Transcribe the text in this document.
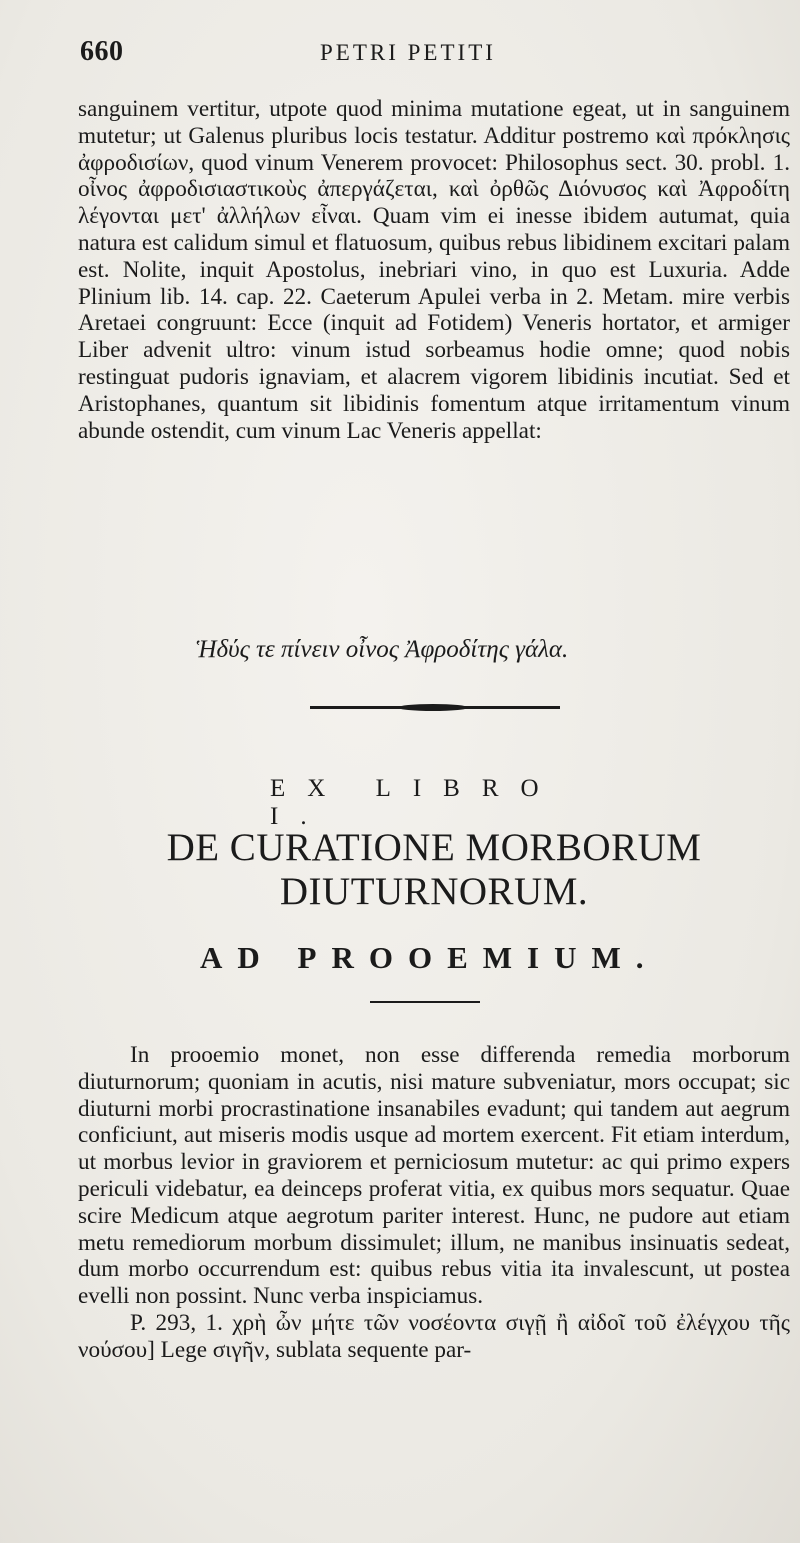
660	PETRI PETITI

sanguinem vertitur, utpote quod minima mutatione egeat, ut in sanguinem mutetur; ut Galenus pluribus locis testatur. Additur postremo καὶ πρόκλησις ἀφροδισίων, quod vinum Venerem provocet: Philosophus sect. 30. probl. 1. οἶνος ἀφροδισιαστικοὺς ἀπεργάζεται, καὶ ὀρθῶς Διόνυσος καὶ Ἀφροδίτη λέγονται μετ' ἀλλήλων εἶναι. Quam vim ei inesse ibidem autumat, quia natura est calidum simul et flatuosum, quibus rebus libidinem excitari palam est. Nolite, inquit Apostolus, inebriari vino, in quo est Luxuria. Adde Plinium lib. 14. cap. 22. Caeterum Apulei verba in 2. Metam. mire verbis Aretaei congruunt: Ecce (inquit ad Fotidem) Veneris hortator, et armiger Liber advenit ultro: vinum istud sorbeamus hodie omne; quod nobis restinguat pudoris ignaviam, et alacrem vigorem libidinis incutiat. Sed et Aristophanes, quantum sit libidinis fomentum atque irritamentum vinum abunde ostendit, cum vinum Lac Veneris appellat:

Ἡδύς τε πίνειν οἶνος Ἀφροδίτης γάλα.
EX LIBRO I.
DE CURATIONE MORBORUM DIUTURNORUM.
AD PROOEMIUM.

In prooemio monet, non esse differenda remedia morborum diuturnorum; quoniam in acutis, nisi mature subveniatur, mors occupat; sic diuturni morbi procrastinatione insanabiles evadunt; qui tandem aut aegrum conficiunt, aut miseris modis usque ad mortem exercent. Fit etiam interdum, ut morbus levior in graviorem et perniciosum mutetur: ac qui primo expers periculi videbatur, ea deinceps proferat vitia, ex quibus mors sequatur. Quae scire Medicum atque aegrotum pariter interest. Hunc, ne pudore aut etiam metu remediorum morbum dissimulet; illum, ne manibus insinuatis sedeat, dum morbo occurrendum est: quibus rebus vitia ita invalescunt, ut postea evelli non possint. Nunc verba inspiciamus.

P. 293, 1. χρὴ ὦν μήτε τῶν νοσέοντα σιγῇ ἢ αἰδοῖ τοῦ ἐλέγχου τῆς νούσου] Lege σιγῆν, sublata sequente par-
